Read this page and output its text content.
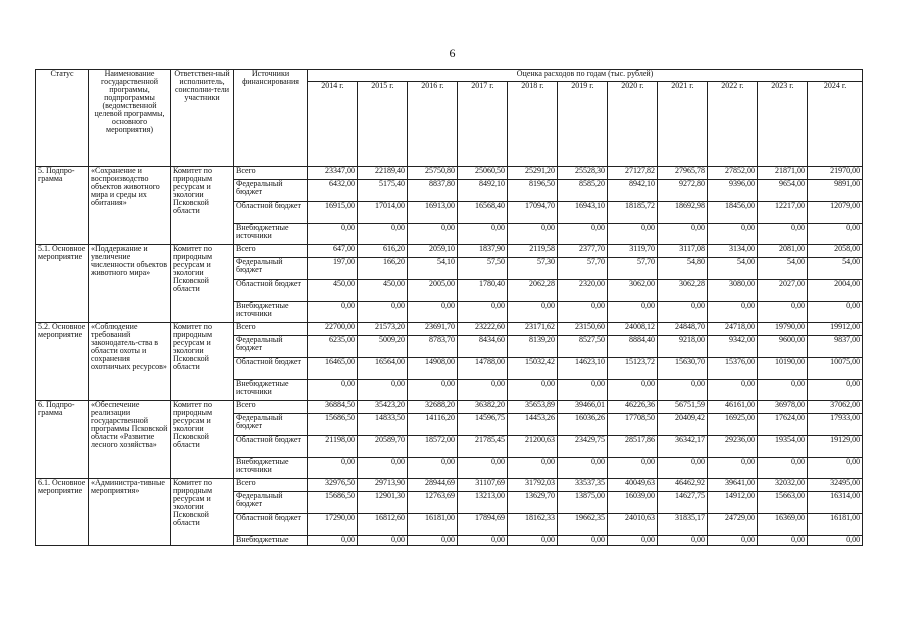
6
Статус	Наименование государственной программы, подпрограммы (ведомственной целевой программы, основного мероприятия)	Ответствен-ный исполнитель, соисполни-тели участники	Источники финансирования	Оценка расходов по годам (тыс. рублей)										
				2014 г.	2015 г.	2016 г.	2017 г.	2018 г.	2019 г.	2020 г.	2021 г.	2022 г.	2023 г.	2024 г.
5. Подпро-грамма	«Сохранение и воспроизводство объектов животного мира и среды их обитания»	Комитет по природным ресурсам и экологии Псковской области	Всего	23347,00	22189,40	25750,80	25060,50	25291,20	25528,30	27127,82	27965,78	27852,00	21871,00	21970,00
			Федеральный бюджет	6432,00	5175,40	8837,80	8492,10	8196,50	8585,20	8942,10	9272,80	9396,00	9654,00	9891,00
			Областной бюджет	16915,00	17014,00	16913,00	16568,40	17094,70	16943,10	18185,72	18692,98	18456,00	12217,00	12079,00
			Внебюджетные источники	0,00	0,00	0,00	0,00	0,00	0,00	0,00	0,00	0,00	0,00	0,00
5.1. Основное мероприятие	«Поддержание и увеличение численности объектов животного мира»	Комитет по природным ресурсам и экологии Псковской области	Всего	647,00	616,20	2059,10	1837,90	2119,58	2377,70	3119,70	3117,08	3134,00	2081,00	2058,00
			Федеральный бюджет	197,00	166,20	54,10	57,50	57,30	57,70	57,70	54,80	54,00	54,00	54,00
			Областной бюджет	450,00	450,00	2005,00	1780,40	2062,28	2320,00	3062,00	3062,28	3080,00	2027,00	2004,00
			Внебюджетные источники	0,00	0,00	0,00	0,00	0,00	0,00	0,00	0,00	0,00	0,00	0,00
5.2. Основное мероприятие	«Соблюдение требований законодатель-ства в области охоты и сохранения охотничьих ресурсов»	Комитет по природным ресурсам и экологии Псковской области	Всего	22700,00	21573,20	23691,70	23222,60	23171,62	23150,60	24008,12	24848,70	24718,00	19790,00	19912,00
			Федеральный бюджет	6235,00	5009,20	8783,70	8434,60	8139,20	8527,50	8884,40	9218,00	9342,00	9600,00	9837,00
			Областной бюджет	16465,00	16564,00	14908,00	14788,00	15032,42	14623,10	15123,72	15630,70	15376,00	10190,00	10075,00
			Внебюджетные источники	0,00	0,00	0,00	0,00	0,00	0,00	0,00	0,00	0,00	0,00	0,00
6. Подпро-грамма	«Обеспечение реализации государственной программы Псковской области «Развитие лесного хозяйства»	Комитет по природным ресурсам и экологии Псковской области	Всего	36884,50	35423,20	32688,20	36382,20	35653,89	39466,01	46226,36	56751,59	46161,00	36978,00	37062,00
			Федеральный бюджет	15686,50	14833,50	14116,20	14596,75	14453,26	16036,26	17708,50	20409,42	16925,00	17624,00	17933,00
			Областной бюджет	21198,00	20589,70	18572,00	21785,45	21200,63	23429,75	28517,86	36342,17	29236,00	19354,00	19129,00
			Внебюджетные источники	0,00	0,00	0,00	0,00	0,00	0,00	0,00	0,00	0,00	0,00	0,00
6.1. Основное мероприятие	«Администра-тивные мероприятия»	Комитет по природным ресурсам и экологии Псковской области	Всего	32976,50	29713,90	28944,69	31107,69	31792,03	33537,35	40049,63	46462,92	39641,00	32032,00	32495,00
			Федеральный бюджет	15686,50	12901,30	12763,69	13213,00	13629,70	13875,00	16039,00	14627,75	14912,00	15663,00	16314,00
			Областной бюджет	17290,00	16812,60	16181,00	17894,69	18162,33	19662,35	24010,63	31835,17	24729,00	16369,00	16181,00
			Внебюджетные	0,00	0,00	0,00	0,00	0,00	0,00	0,00	0,00	0,00	0,00	0,00
